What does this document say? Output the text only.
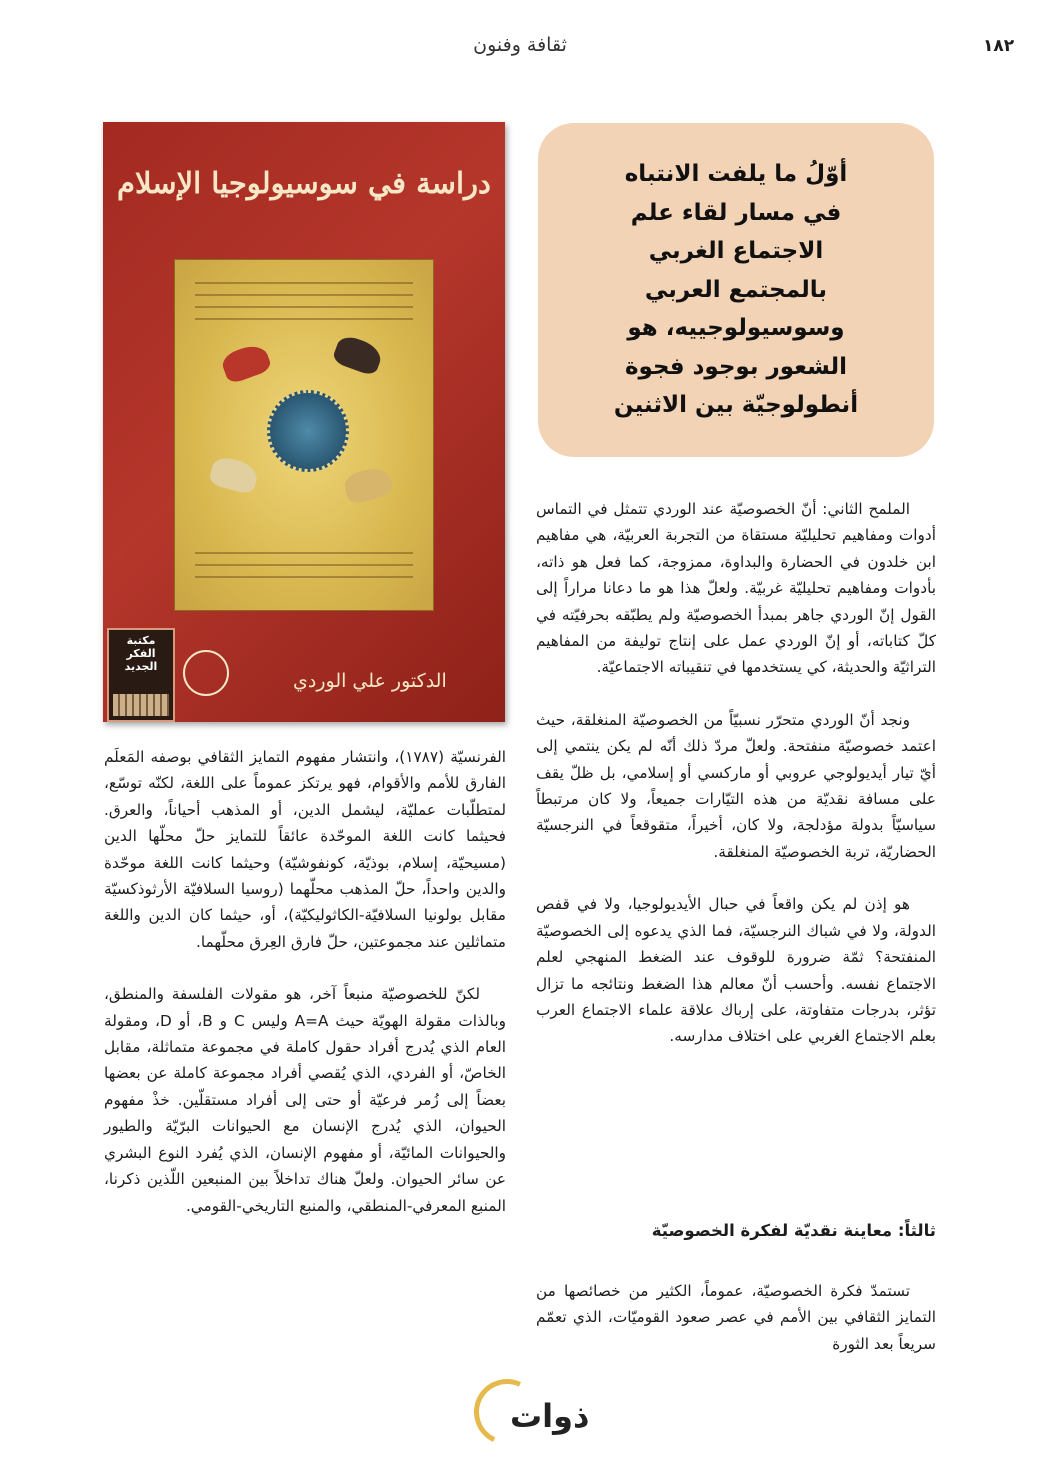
١٨٢
ثقافة وفنون
أوّلُ ما يلفت الانتباه
في مسار لقاء علم
الاجتماع الغربي
بالمجتمع العربي
وسوسيولوجييه، هو
الشعور بوجود فجوة
أنطولوجيّة بين الاثنين
دراسة في سوسيولوجيا الإسلام
الدكتور علي الوردي
مكتبة
الفكر
الجديد

الملمح الثاني: أنّ الخصوصيّة عند الوردي تتمثل في التماس أدوات ومفاهيم تحليليّة مستقاة من التجربة العربيّة، هي مفاهيم ابن خلدون في الحضارة والبداوة، ممزوجة، كما فعل هو ذاته، بأدوات ومفاهيم تحليليّة غربيّة. ولعلّ هذا هو ما دعانا مراراً إلى القول إنّ الوردي جاهر بمبدأ الخصوصيّة ولم يطبّقه بحرفيّته في كلّ كتاباته، أو إنّ الوردي عمل على إنتاج توليفة من المفاهيم التراثيّة والحديثة، كي يستخدمها في تنقيباته الاجتماعيّة.

ونجد أنّ الوردي متحرّر نسبيّاً من الخصوصيّة المنغلقة، حيث اعتمد خصوصيّة منفتحة. ولعلّ مردّ ذلك أنّه لم يكن ينتمي إلى أيّ تيار أيديولوجي عروبي أو ماركسي أو إسلامي، بل ظلّ يقف على مسافة نقديّة من هذه التيّارات جميعاً، ولا كان مرتبطاً سياسيّاً بدولة مؤدلجة، ولا كان، أخيراً، متقوقعاً في النرجسيّة الحضاريّة، تربة الخصوصيّة المنغلقة.

هو إذن لم يكن واقعاً في حبال الأيديولوجيا، ولا في قفص الدولة، ولا في شباك النرجسيّة، فما الذي يدعوه إلى الخصوصيّة المنفتحة؟ ثمّة ضرورة للوقوف عند الضغط المنهجي لعلم الاجتماع نفسه. وأحسب أنّ معالم هذا الضغط ونتائجه ما تزال تؤثر، بدرجات متفاوتة، على إرباك علاقة علماء الاجتماع العرب بعلم الاجتماع الغربي على اختلاف مدارسه.

ثالثاً: معاينة نقديّة لفكرة الخصوصيّة

تستمدّ فكرة الخصوصيّة، عموماً، الكثير من خصائصها من التمايز الثقافي بين الأمم في عصر صعود القوميّات، الذي تعمّم سريعاً بعد الثورة

الفرنسيّة (١٧٨٧)، وانتشار مفهوم التمايز الثقافي بوصفه المَعلَم الفارق للأمم والأقوام، فهو يرتكز عموماً على اللغة، لكنّه توسّع، لمتطلّبات عمليّة، ليشمل الدين، أو المذهب أحياناً، والعرق. فحيثما كانت اللغة الموحّدة عائقاً للتمايز حلّ محلّها الدين (مسيحيّة، إسلام، بوذيّة، كونفوشيّة) وحيثما كانت اللغة موحّدة والدين واحداً، حلّ المذهب محلّهما (روسيا السلافيّة الأرثوذكسيّة مقابل بولونيا السلافيّة-الكاثوليكيّة)، أو، حيثما كان الدين واللغة متماثلين عند مجموعتين، حلّ فارق العِرق محلّهما.

لكنّ للخصوصيّة منبعاً آخر، هو مقولات الفلسفة والمنطق، وبالذات مقولة الهويّة حيث A=A وليس C و B، أو D، ومقولة العام الذي يُدرج أفراد حقول كاملة في مجموعة متماثلة، مقابل الخاصّ، أو الفردي، الذي يُقصي أفراد مجموعة كاملة عن بعضها بعضاً إلى زُمر فرعيّة أو حتى إلى أفراد مستقلّين. خذْ مفهوم الحيوان، الذي يُدرج الإنسان مع الحيوانات البرّيّة والطيور والحيوانات المائيّة، أو مفهوم الإنسان، الذي يُفرد النوع البشري عن سائر الحيوان. ولعلّ هناك تداخلاً بين المنبعين اللّذين ذكرنا، المنبع المعرفي-المنطقي، والمنبع التاريخي-القومي.

ذوات
